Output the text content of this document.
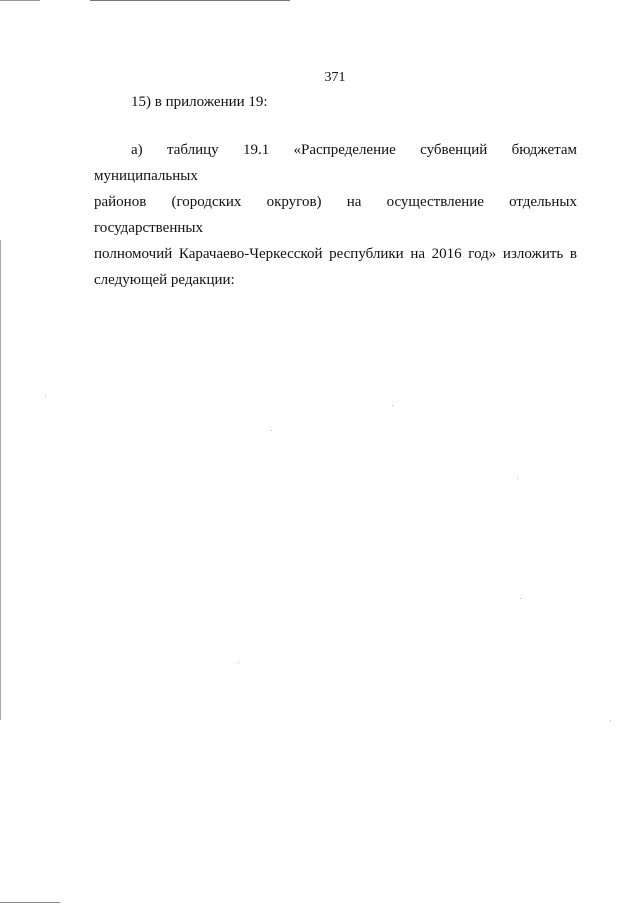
371
15) в приложении 19:
а) таблицу 19.1 «Распределение субвенций бюджетам муниципальных
районов (городских округов) на осуществление отдельных государственных
полномочий Карачаево-Черкесской республики на 2016 год» изложить в
следующей редакции:
